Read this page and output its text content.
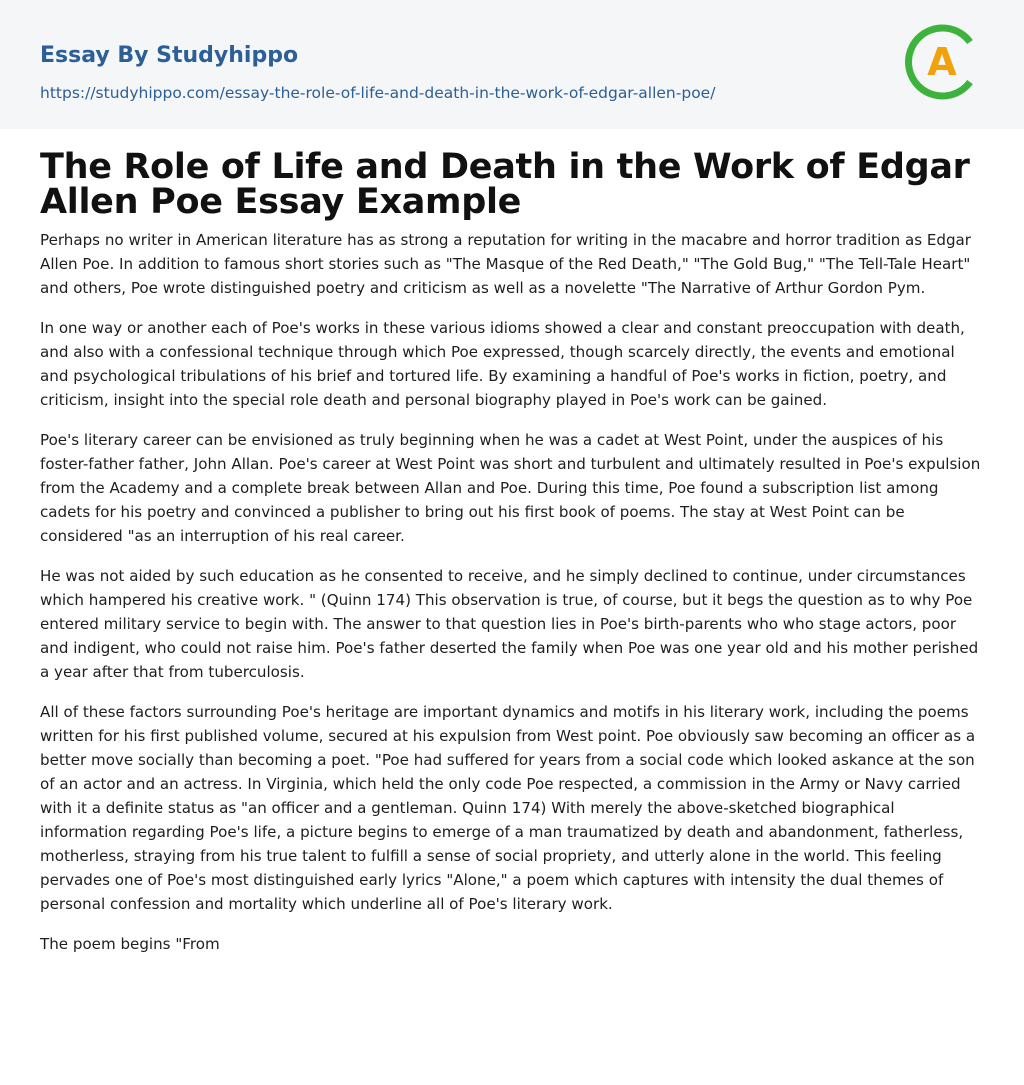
Essay By Studyhippo
https://studyhippo.com/essay-the-role-of-life-and-death-in-the-work-of-edgar-allen-poe/
A
The Role of Life and Death in the Work of Edgar Allen Poe Essay Example

Perhaps no writer in American literature has as strong a reputation for writing in the macabre and horror tradition as Edgar Allen Poe. In addition to famous short stories such as "The Masque of the Red Death," "The Gold Bug," "The Tell-Tale Heart" and others, Poe wrote distinguished poetry and criticism as well as a novelette "The Narrative of Arthur Gordon Pym.

In one way or another each of Poe's works in these various idioms showed a clear and constant preoccupation with death, and also with a confessional technique through which Poe expressed, though scarcely directly, the events and emotional and psychological tribulations of his brief and tortured life. By examining a handful of Poe's works in fiction, poetry, and criticism, insight into the special role death and personal biography played in Poe's work can be gained.

Poe's literary career can be envisioned as truly beginning when he was a cadet at West Point, under the auspices of his foster-father father, John Allan. Poe's career at West Point was short and turbulent and ultimately resulted in Poe's expulsion from the Academy and a complete break between Allan and Poe. During this time, Poe found a subscription list among cadets for his poetry and convinced a publisher to bring out his first book of poems. The stay at West Point can be considered "as an interruption of his real career.

He was not aided by such education as he consented to receive, and he simply declined to continue, under circumstances which hampered his creative work. " (Quinn 174) This observation is true, of course, but it begs the question as to why Poe entered military service to begin with. The answer to that question lies in Poe's birth-parents who who stage actors, poor and indigent, who could not raise him. Poe's father deserted the family when Poe was one year old and his mother perished a year after that from tuberculosis.

All of these factors surrounding Poe's heritage are important dynamics and motifs in his literary work, including the poems written for his first published volume, secured at his expulsion from West point. Poe obviously saw becoming an officer as a better move socially than becoming a poet. "Poe had suffered for years from a social code which looked askance at the son of an actor and an actress. In Virginia, which held the only code Poe respected, a commission in the Army or Navy carried with it a definite status as "an officer and a gentleman. Quinn 174) With merely the above-sketched biographical information regarding Poe's life, a picture begins to emerge of a man traumatized by death and abandonment, fatherless, motherless, straying from his true talent to fulfill a sense of social propriety, and utterly alone in the world. This feeling pervades one of Poe's most distinguished early lyrics "Alone," a poem which captures with intensity the dual themes of personal confession and mortality which underline all of Poe's literary work.

The poem begins "From
